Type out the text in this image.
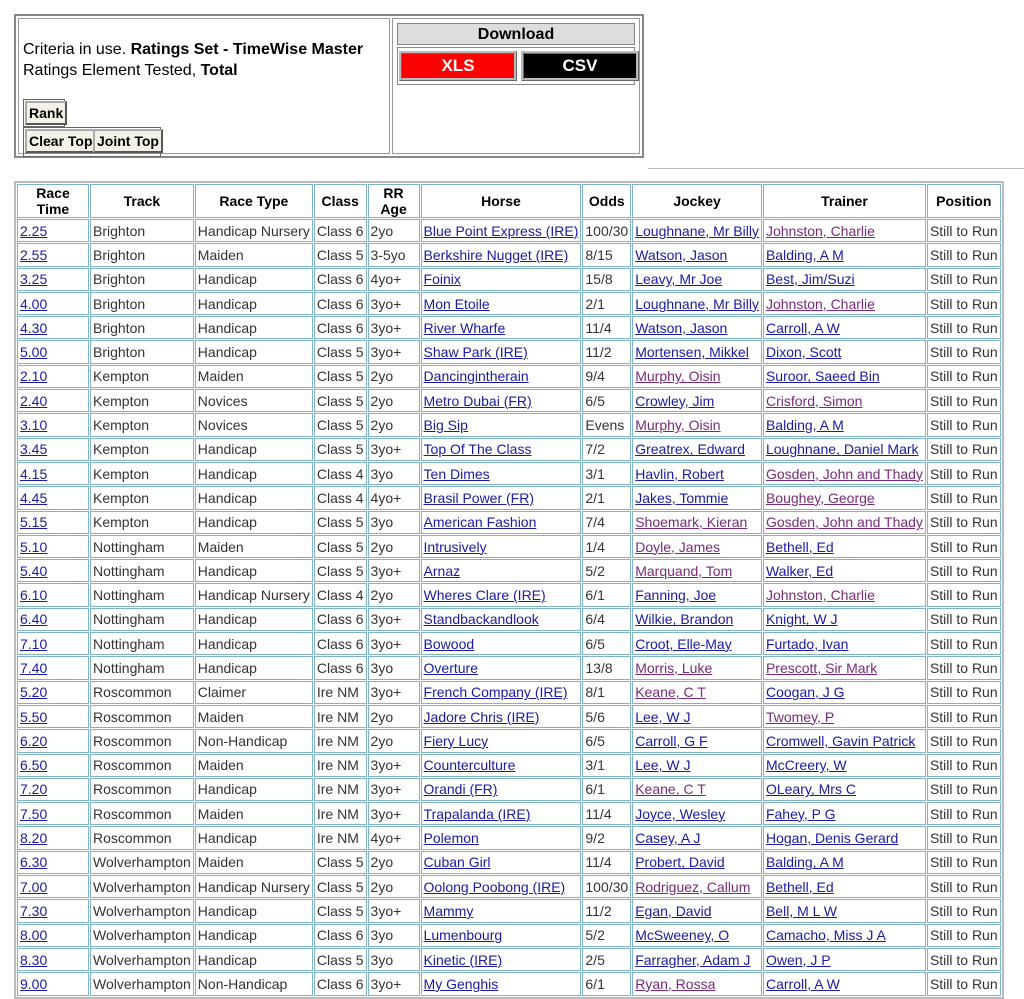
Criteria in use. Ratings Set - TimeWise Master
Ratings Element Tested, Total
Rank
Clear Top Joint Top
Download
XLS	CSV
Race Time	Track	Race Type	Class	RR Age	Horse	Odds	Jockey	Trainer	Position
2.25	Brighton	Handicap Nursery	Class 6	2yo	Blue Point Express (IRE)	100/30	Loughnane, Mr Billy	Johnston, Charlie	Still to Run
2.55	Brighton	Maiden	Class 5	3-5yo	Berkshire Nugget (IRE)	8/15	Watson, Jason	Balding, A M	Still to Run
3.25	Brighton	Handicap	Class 6	4yo+	Foinix	15/8	Leavy, Mr Joe	Best, Jim/Suzi	Still to Run
4.00	Brighton	Handicap	Class 6	3yo+	Mon Etoile	2/1	Loughnane, Mr Billy	Johnston, Charlie	Still to Run
4.30	Brighton	Handicap	Class 6	3yo+	River Wharfe	11/4	Watson, Jason	Carroll, A W	Still to Run
5.00	Brighton	Handicap	Class 5	3yo+	Shaw Park (IRE)	11/2	Mortensen, Mikkel	Dixon, Scott	Still to Run
2.10	Kempton	Maiden	Class 5	2yo	Dancingintherain	9/4	Murphy, Oisin	Suroor, Saeed Bin	Still to Run
2.40	Kempton	Novices	Class 5	2yo	Metro Dubai (FR)	6/5	Crowley, Jim	Crisford, Simon	Still to Run
3.10	Kempton	Novices	Class 5	2yo	Big Sip	Evens	Murphy, Oisin	Balding, A M	Still to Run
3.45	Kempton	Handicap	Class 5	3yo+	Top Of The Class	7/2	Greatrex, Edward	Loughnane, Daniel Mark	Still to Run
4.15	Kempton	Handicap	Class 4	3yo	Ten Dimes	3/1	Havlin, Robert	Gosden, John and Thady	Still to Run
4.45	Kempton	Handicap	Class 4	4yo+	Brasil Power (FR)	2/1	Jakes, Tommie	Boughey, George	Still to Run
5.15	Kempton	Handicap	Class 5	3yo	American Fashion	7/4	Shoemark, Kieran	Gosden, John and Thady	Still to Run
5.10	Nottingham	Maiden	Class 5	2yo	Intrusively	1/4	Doyle, James	Bethell, Ed	Still to Run
5.40	Nottingham	Handicap	Class 5	3yo+	Arnaz	5/2	Marquand, Tom	Walker, Ed	Still to Run
6.10	Nottingham	Handicap Nursery	Class 4	2yo	Wheres Clare (IRE)	6/1	Fanning, Joe	Johnston, Charlie	Still to Run
6.40	Nottingham	Handicap	Class 6	3yo+	Standbackandlook	6/4	Wilkie, Brandon	Knight, W J	Still to Run
7.10	Nottingham	Handicap	Class 6	3yo+	Bowood	6/5	Croot, Elle-May	Furtado, Ivan	Still to Run
7.40	Nottingham	Handicap	Class 6	3yo	Overture	13/8	Morris, Luke	Prescott, Sir Mark	Still to Run
5.20	Roscommon	Claimer	Ire NM	3yo+	French Company (IRE)	8/1	Keane, C T	Coogan, J G	Still to Run
5.50	Roscommon	Maiden	Ire NM	2yo	Jadore Chris (IRE)	5/6	Lee, W J	Twomey, P	Still to Run
6.20	Roscommon	Non-Handicap	Ire NM	2yo	Fiery Lucy	6/5	Carroll, G F	Cromwell, Gavin Patrick	Still to Run
6.50	Roscommon	Maiden	Ire NM	3yo+	Counterculture	3/1	Lee, W J	McCreery, W	Still to Run
7.20	Roscommon	Handicap	Ire NM	3yo+	Orandi (FR)	6/1	Keane, C T	OLeary, Mrs C	Still to Run
7.50	Roscommon	Maiden	Ire NM	3yo+	Trapalanda (IRE)	11/4	Joyce, Wesley	Fahey, P G	Still to Run
8.20	Roscommon	Handicap	Ire NM	4yo+	Polemon	9/2	Casey, A J	Hogan, Denis Gerard	Still to Run
6.30	Wolverhampton	Maiden	Class 5	2yo	Cuban Girl	11/4	Probert, David	Balding, A M	Still to Run
7.00	Wolverhampton	Handicap Nursery	Class 5	2yo	Oolong Poobong (IRE)	100/30	Rodriguez, Callum	Bethell, Ed	Still to Run
7.30	Wolverhampton	Handicap	Class 5	3yo+	Mammy	11/2	Egan, David	Bell, M L W	Still to Run
8.00	Wolverhampton	Handicap	Class 6	3yo	Lumenbourg	5/2	McSweeney, O	Camacho, Miss J A	Still to Run
8.30	Wolverhampton	Handicap	Class 5	3yo	Kinetic (IRE)	2/5	Farragher, Adam J	Owen, J P	Still to Run
9.00	Wolverhampton	Non-Handicap	Class 6	3yo+	My Genghis	6/1	Ryan, Rossa	Carroll, A W	Still to Run
